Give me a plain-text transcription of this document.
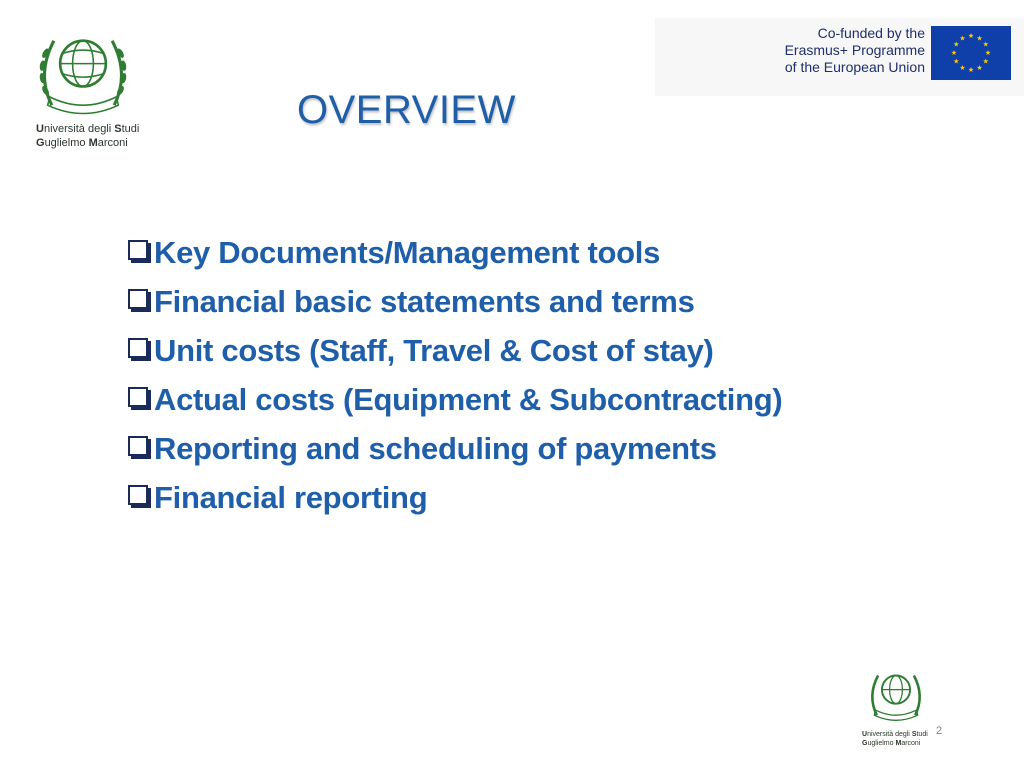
Università degli Studi
Guglielmo Marconi
Co-funded by the
Erasmus+ Programme
of the European Union
★ ★
★
★
★
★
★
★
★
★
★
★
OVERVIEW
Key Documents/Management tools
Financial basic statements and terms
Unit costs (Staff, Travel & Cost of stay)
Actual costs (Equipment & Subcontracting)
Reporting and scheduling of payments
Financial reporting
Università degli Studi
Guglielmo Marconi
2
